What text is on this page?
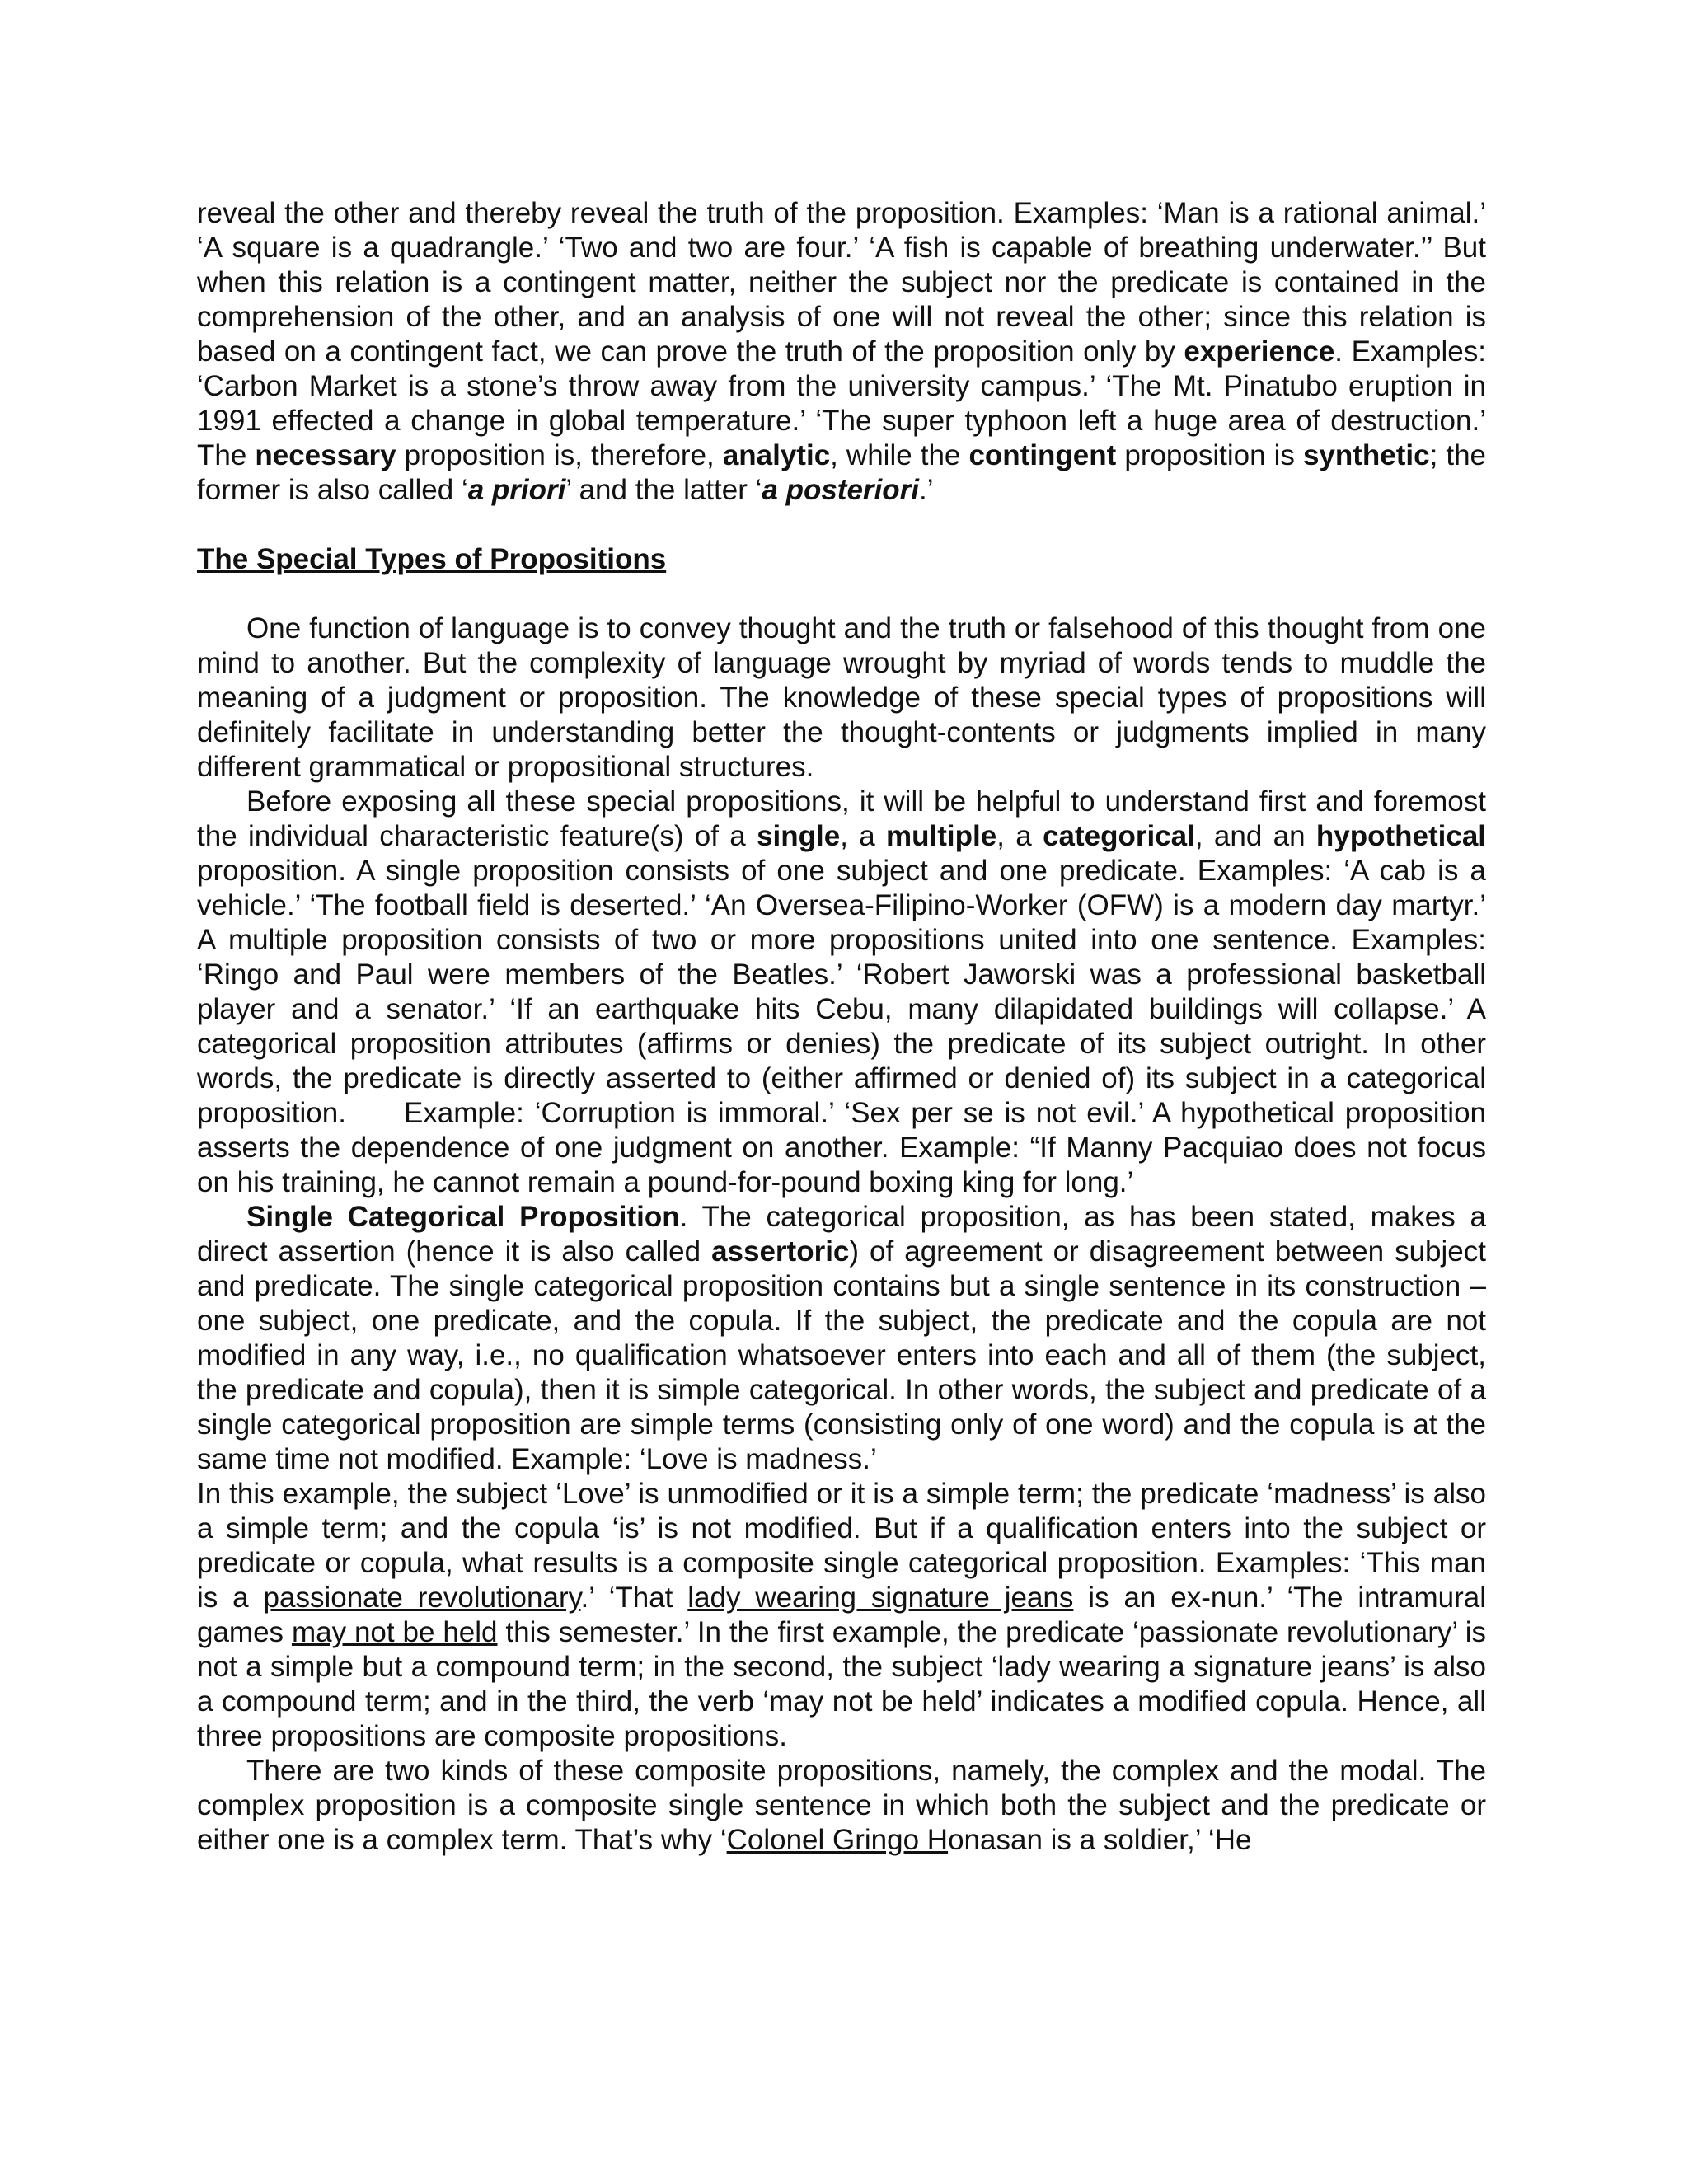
reveal the other and thereby reveal the truth of the proposition. Examples: ‘Man is a rational animal.’ ‘A square is a quadrangle.’ ‘Two and two are four.’ ‘A fish is capable of breathing underwater.’’ But when this relation is a contingent matter, neither the subject nor the predicate is contained in the comprehension of the other, and an analysis of one will not reveal the other; since this relation is based on a contingent fact, we can prove the truth of the proposition only by experience. Examples: ‘Carbon Market is a stone’s throw away from the university campus.’ ‘The Mt. Pinatubo eruption in 1991 effected a change in global temperature.’ ‘The super typhoon left a huge area of destruction.’ The necessary proposition is, therefore, analytic, while the contingent proposition is synthetic; the former is also called ‘a priori’ and the latter ‘a posteriori.’

The Special Types of Propositions

One function of language is to convey thought and the truth or falsehood of this thought from one mind to another. But the complexity of language wrought by myriad of words tends to muddle the meaning of a judgment or proposition. The knowledge of these special types of propositions will definitely facilitate in understanding better the thought-contents or judgments implied in many different grammatical or propositional structures.

Before exposing all these special propositions, it will be helpful to understand first and foremost the individual characteristic feature(s) of a single, a multiple, a categorical, and an hypothetical proposition. A single proposition consists of one subject and one predicate. Examples: ‘A cab is a vehicle.’ ‘The football field is deserted.’ ‘An Oversea-Filipino-Worker (OFW) is a modern day martyr.’ A multiple proposition consists of two or more propositions united into one sentence. Examples: ‘Ringo and Paul were members of the Beatles.’ ‘Robert Jaworski was a professional basketball player and a senator.’ ‘If an earthquake hits Cebu, many dilapidated buildings will collapse.’ A categorical proposition attributes (affirms or denies) the predicate of its subject outright. In other words, the predicate is directly asserted to (either affirmed or denied of) its subject in a categorical proposition. Example: ‘Corruption is immoral.’ ‘Sex per se is not evil.’ A hypothetical proposition asserts the dependence of one judgment on another. Example: “If Manny Pacquiao does not focus on his training, he cannot remain a pound-for-pound boxing king for long.’

Single Categorical Proposition. The categorical proposition, as has been stated, makes a direct assertion (hence it is also called assertoric) of agreement or disagreement between subject and predicate. The single categorical proposition contains but a single sentence in its construction – one subject, one predicate, and the copula. If the subject, the predicate and the copula are not modified in any way, i.e., no qualification whatsoever enters into each and all of them (the subject, the predicate and copula), then it is simple categorical. In other words, the subject and predicate of a single categorical proposition are simple terms (consisting only of one word) and the copula is at the same time not modified. Example: ‘Love is madness.’

In this example, the subject ‘Love’ is unmodified or it is a simple term; the predicate ‘madness’ is also a simple term; and the copula ‘is’ is not modified. But if a qualification enters into the subject or predicate or copula, what results is a composite single categorical proposition. Examples: ‘This man is a passionate revolutionary.’ ‘That lady wearing signature jeans is an ex-nun.’ ‘The intramural games may not be held this semester.’ In the first example, the predicate ‘passionate revolutionary’ is not a simple but a compound term; in the second, the subject ‘lady wearing a signature jeans’ is also a compound term; and in the third, the verb ‘may not be held’ indicates a modified copula. Hence, all three propositions are composite propositions.

There are two kinds of these composite propositions, namely, the complex and the modal. The complex proposition is a composite single sentence in which both the subject and the predicate or either one is a complex term. That’s why ‘Colonel Gringo Honasan is a soldier,’ ‘He
